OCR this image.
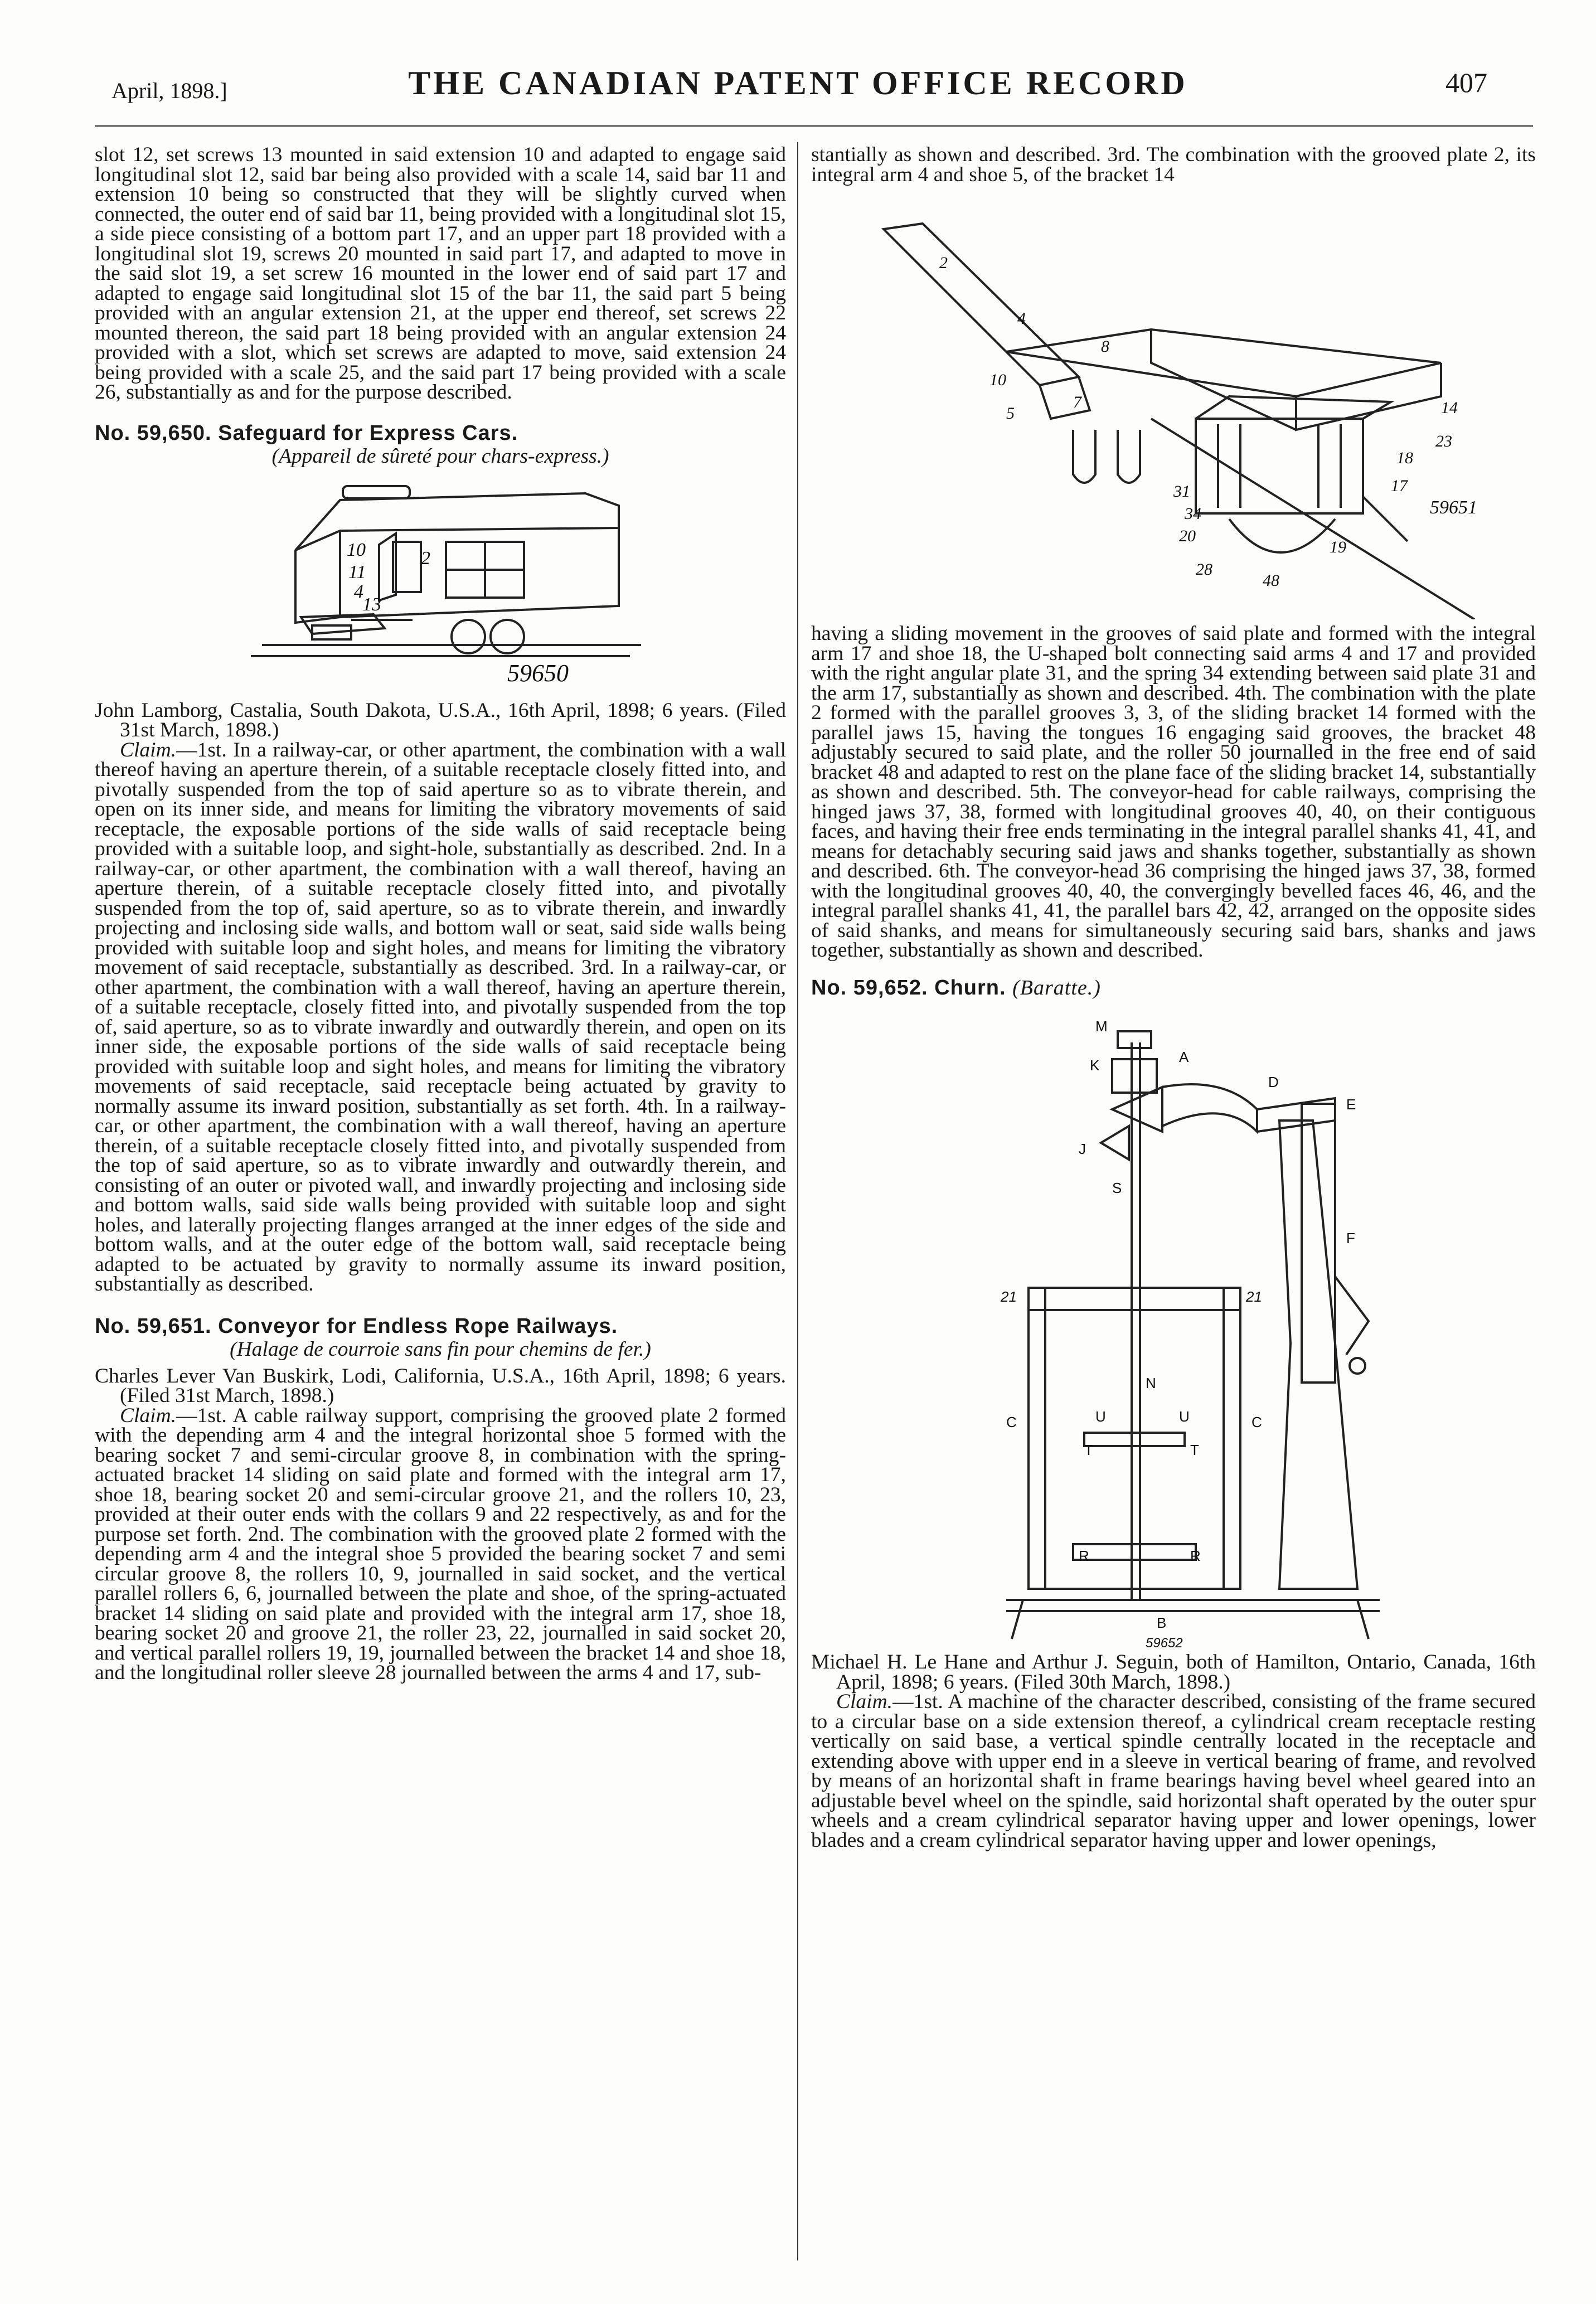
April, 1898.]	THE CANADIAN PATENT OFFICE RECORD	407

slot 12, set screws 13 mounted in said extension 10 and adapted to engage said longitudinal slot 12, said bar being also provided with a scale 14, said bar 11 and extension 10 being so constructed that they will be slightly curved when connected, the outer end of said bar 11, being provided with a longitudinal slot 15, a side piece consisting of a bottom part 17, and an upper part 18 provided with a longitudinal slot 19, screws 20 mounted in said part 17, and adapted to move in the said slot 19, a set screw 16 mounted in the lower end of said part 17 and adapted to engage said longitudinal slot 15 of the bar 11, the said part 5 being provided with an angular extension 21, at the upper end thereof, set screws 22 mounted thereon, the said part 18 being provided with an angular extension 24 provided with a slot, which set screws are adapted to move, said extension 24 being provided with a scale 25, and the said part 17 being provided with a scale 26, substantially as and for the purpose described.

No. 59,650. Safeguard for Express Cars.

(Appareil de sûreté pour chars-express.)

10	2
11
4
13
59650

John Lamborg, Castalia, South Dakota, U.S.A., 16th April, 1898; 6 years. (Filed 31st March, 1898.)

Claim.—1st. In a railway-car, or other apartment, the combination with a wall thereof having an aperture therein, of a suitable receptacle closely fitted into, and pivotally suspended from the top of said aperture so as to vibrate therein, and open on its inner side, and means for limiting the vibratory movements of said receptacle, the exposable portions of the side walls of said receptacle being provided with a suitable loop, and sight-hole, substantially as described. 2nd. In a railway-car, or other apartment, the combination with a wall thereof, having an aperture therein, of a suitable receptacle closely fitted into, and pivotally suspended from the top of, said aperture, so as to vibrate therein, and inwardly projecting and inclosing side walls, and bottom wall or seat, said side walls being provided with suitable loop and sight holes, and means for limiting the vibratory movement of said receptacle, substantially as described. 3rd. In a railway-car, or other apartment, the combination with a wall thereof, having an aperture therein, of a suitable receptacle, closely fitted into, and pivotally suspended from the top of, said aperture, so as to vibrate inwardly and outwardly therein, and open on its inner side, the exposable portions of the side walls of said receptacle being provided with suitable loop and sight holes, and means for limiting the vibratory movements of said receptacle, said receptacle being actuated by gravity to normally assume its inward position, substantially as set forth. 4th. In a railway-car, or other apartment, the combination with a wall thereof, having an aperture therein, of a suitable receptacle closely fitted into, and pivotally suspended from the top of said aperture, so as to vibrate inwardly and outwardly therein, and consisting of an outer or pivoted wall, and inwardly projecting and inclosing side and bottom walls, said side walls being provided with suitable loop and sight holes, and laterally projecting flanges arranged at the inner edges of the side and bottom walls, and at the outer edge of the bottom wall, said receptacle being adapted to be actuated by gravity to normally assume its inward position, substantially as described.

No. 59,651. Conveyor for Endless Rope Railways.

(Halage de courroie sans fin pour chemins de fer.)

Charles Lever Van Buskirk, Lodi, California, U.S.A., 16th April, 1898; 6 years. (Filed 31st March, 1898.)

Claim.—1st. A cable railway support, comprising the grooved plate 2 formed with the depending arm 4 and the integral horizontal shoe 5 formed with the bearing socket 7 and semi-circular groove 8, in combination with the spring-actuated bracket 14 sliding on said plate and formed with the integral arm 17, shoe 18, bearing socket 20 and semi-circular groove 21, and the rollers 10, 23, provided at their outer ends with the collars 9 and 22 respectively, as and for the purpose set forth. 2nd. The combination with the grooved plate 2 formed with the depending arm 4 and the integral shoe 5 provided the bearing socket 7 and semi circular groove 8, the rollers 10, 9, journalled in said socket, and the vertical parallel rollers 6, 6, journalled between the plate and shoe, of the spring-actuated bracket 14 sliding on said plate and provided with the integral arm 17, shoe 18, bearing socket 20 and groove 21, the roller 23, 22, journalled in said socket 20, and vertical parallel rollers 19, 19, journalled between the bracket 14 and shoe 18, and the longitudinal roller sleeve 28 journalled between the arms 4 and 17, sub-

stantially as shown and described. 3rd. The combination with the grooved plate 2, its integral arm 4 and shoe 5, of the bracket 14

2
4
5
7
8
10
14
17
18
19
20
23
28
31
34
48
59651

having a sliding movement in the grooves of said plate and formed with the integral arm 17 and shoe 18, the U-shaped bolt connecting said arms 4 and 17 and provided with the right angular plate 31, and the spring 34 extending between said plate 31 and the arm 17, substantially as shown and described. 4th. The combination with the plate 2 formed with the parallel grooves 3, 3, of the sliding bracket 14 formed with the parallel jaws 15, having the tongues 16 engaging said grooves, the bracket 48 adjustably secured to said plate, and the roller 50 journalled in the free end of said bracket 48 and adapted to rest on the plane face of the sliding bracket 14, substantially as shown and described. 5th. The conveyor-head for cable railways, comprising the hinged jaws 37, 38, formed with longitudinal grooves 40, 40, on their contiguous faces, and having their free ends terminating in the integral parallel shanks 41, 41, and means for detachably securing said jaws and shanks together, substantially as shown and described. 6th. The conveyor-head 36 comprising the hinged jaws 37, 38, formed with the longitudinal grooves 40, 40, the convergingly bevelled faces 46, 46, and the integral parallel shanks 41, 41, the parallel bars 42, 42, arranged on the opposite sides of said shanks, and means for simultaneously securing said bars, shanks and jaws together, substantially as shown and described.

No. 59,652. Churn. (Baratte.)

M
K	A
D
E
J
S
F
N
C	C
U	U
T	T
R	R
B
21	21
59652

Michael H. Le Hane and Arthur J. Seguin, both of Hamilton, Ontario, Canada, 16th April, 1898; 6 years. (Filed 30th March, 1898.)

Claim.—1st. A machine of the character described, consisting of the frame secured to a circular base on a side extension thereof, a cylindrical cream receptacle resting vertically on said base, a vertical spindle centrally located in the receptacle and extending above with upper end in a sleeve in vertical bearing of frame, and revolved by means of an horizontal shaft in frame bearings having bevel wheel geared into an adjustable bevel wheel on the spindle, said horizontal shaft operated by the outer spur wheels and a cream cylindrical separator having upper and lower openings, lower blades and a cream cylindrical separator having upper and lower openings,
